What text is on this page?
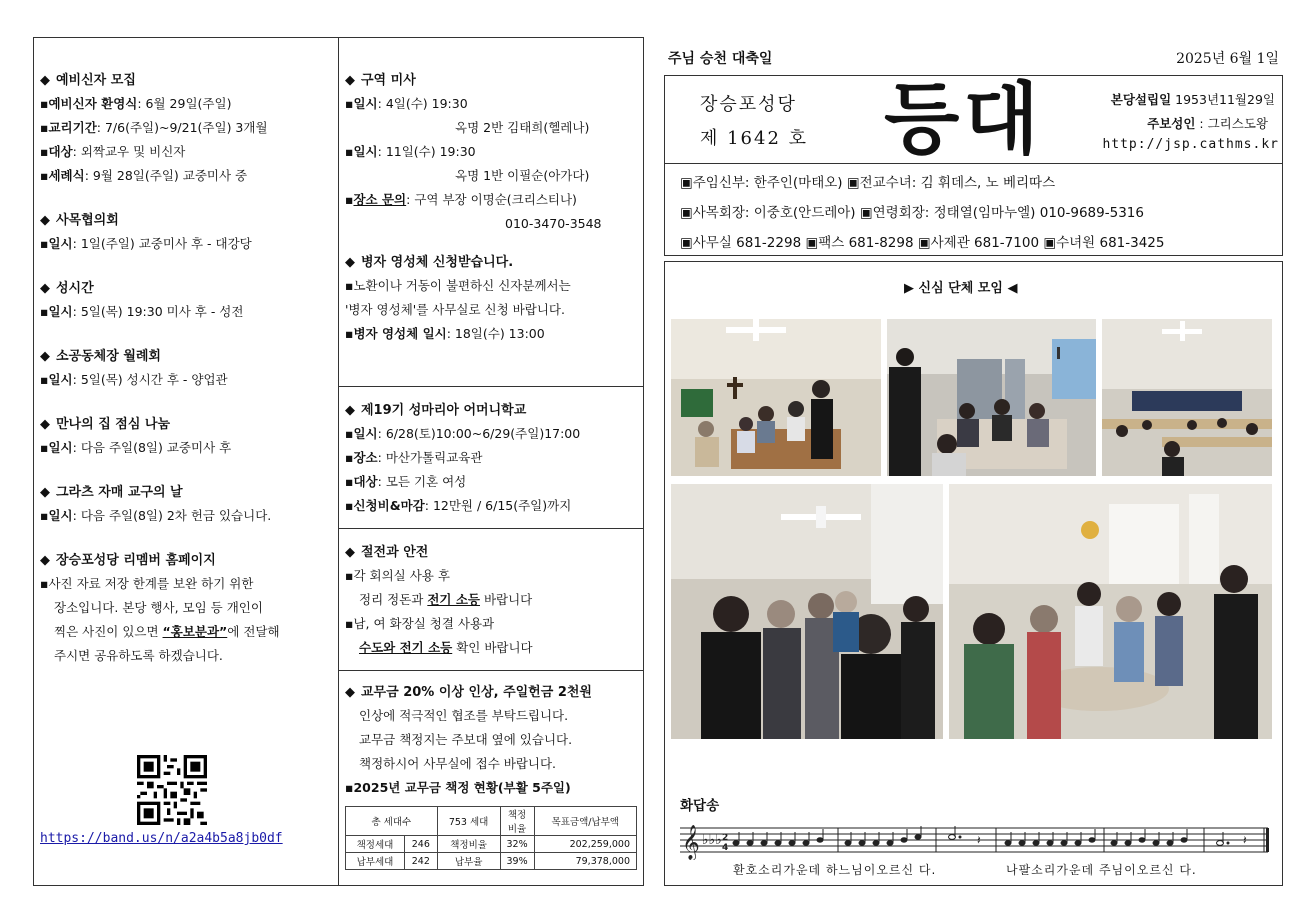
◆ 예비신자 모집
▪예비신자 환영식: 6월 29일(주일)
▪교리기간: 7/6(주일)~9/21(주일) 3개월
▪대상: 외짝교우 및 비신자
▪세례식: 9월 28일(주일) 교중미사 중
◆ 사목협의회
▪일시: 1일(주일) 교중미사 후 - 대강당
◆ 성시간
▪일시: 5일(목) 19:30 미사 후 - 성전
◆ 소공동체장 월례회
▪일시: 5일(목) 성시간 후 - 양업관
◆ 만나의 집 점심 나눔
▪일시: 다음 주일(8일) 교중미사 후
◆ 그라츠 자매 교구의 날
▪일시: 다음 주일(8일) 2차 헌금 있습니다.
◆ 장승포성당 리멤버 홈페이지
▪사진 자료 저장 한계를 보완 하기 위한
장소입니다. 본당 행사, 모임 등 개인이
찍은 사진이 있으면 “홍보분과”에 전달해
주시면 공유하도록 하겠습니다.
https://band.us/n/a2a4b5a8jb0df
◆ 구역 미사
▪일시: 4일(수) 19:30
옥명 2반 김태희(헬레나)
▪일시: 11일(수) 19:30
옥명 1반 이필순(아가다)
▪장소 문의: 구역 부장 이명순(크리스티나)
010-3470-3548
◆ 병자 영성체 신청받습니다.
▪노환이나 거동이 불편하신 신자분께서는
'병자 영성체'를 사무실로 신청 바랍니다.
▪병자 영성체 일시: 18일(수) 13:00
◆ 제19기 성마리아 어머니학교
▪일시: 6/28(토)10:00~6/29(주일)17:00
▪장소: 마산가톨릭교육관
▪대상: 모든 기혼 여성
▪신청비&마감: 12만원 / 6/15(주일)까지
◆ 절전과 안전
▪각 회의실 사용 후
정리 정돈과 전기 소등 바랍니다
▪남, 여 화장실 청결 사용과
수도와 전기 소등 확인 바랍니다
◆ 교무금 20% 이상 인상, 주일헌금 2천원
인상에 적극적인 협조를 부탁드립니다.
교무금 책정지는 주보대 옆에 있습니다.
책정하시어 사무실에 접수 바랍니다.
▪2025년 교무금 책정 현황(부활 5주일)
총 세대수		753 세대	책정 비율	목표금액/납부액
책정세대	246	책정비율	32%	202,259,000
납부세대	242	납부율	39%	79,378,000
주님 승천 대축일	2025년 6월 1일
장승포성당
제 1642 호 등대	본당설립일 1953년11월29일
주보성인 : 그리스도왕
http://jsp.cathms.kr
▣주임신부: 한주인(마태오) ▣전교수녀: 김 휘데스, 노 베리따스
▣사목회장: 이중호(안드레아) ▣연령회장: 정태열(임마누엘) 010-9689-5316
▣사무실 681-2298 ▣팩스 681-8298 ▣사제관 681-7100 ▣수녀원 681-3425
▶ 신심 단체 모임 ◀
화답송
𝄞 ♭♭♭ 2
4
𝄽	𝄽
환호소리가운데 하느님이오르신 다.	나팔소리가운데 주님이오르신 다.
